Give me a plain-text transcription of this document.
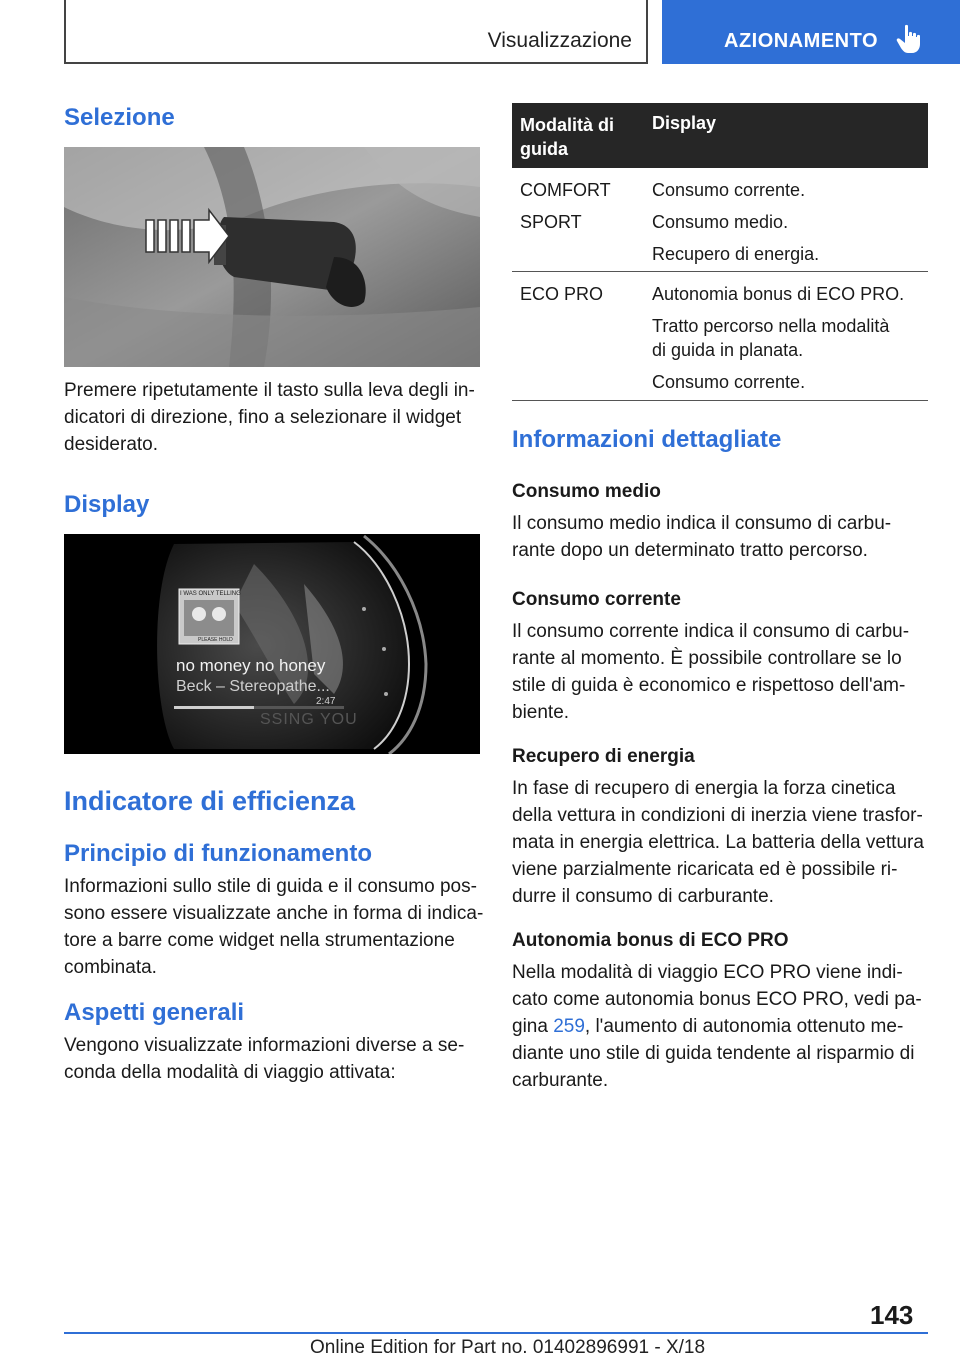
Visualizzazione	AZIONAMENTO
Selezione

Premere ripetutamente il tasto sulla leva degli in-
dicatori di direzione, fino a selezionare il widget
desiderato.

Display
I WAS ONLY TELLING
PLEASE HOLD
no money no honey
Beck – Stereopathe...
2:47
SSING YOU
Indicatore di efficienza
Principio di funzionamento

Informazioni sullo stile di guida e il consumo pos-
sono essere visualizzate anche in forma di indica-
tore a barre come widget nella strumentazione
combinata.

Aspetti generali

Vengono visualizzate informazioni diverse a se-
conda della modalità di viaggio attivata:

Modalità di guida
Display
COMFORT
SPORT
Consumo corrente.
Consumo medio.
Recupero di energia.
ECO PRO	Autonomia bonus di ECO PRO.
Tratto percorso nella modalità di guida in planata.
Consumo corrente.
Informazioni dettagliate
Consumo medio

Il consumo medio indica il consumo di carbu-
rante dopo un determinato tratto percorso.

Consumo corrente

Il consumo corrente indica il consumo di carbu-
rante al momento. È possibile controllare se lo
stile di guida è economico e rispettoso dell'am-
biente.

Recupero di energia

In fase di recupero di energia la forza cinetica
della vettura in condizioni di inerzia viene trasfor-
mata in energia elettrica. La batteria della vettura
viene parzialmente ricaricata ed è possibile ri-
durre il consumo di carburante.

Autonomia bonus di ECO PRO

Nella modalità di viaggio ECO PRO viene indi-
cato come autonomia bonus ECO PRO, vedi pa-
gina 259, l'aumento di autonomia ottenuto me-
diante uno stile di guida tendente al risparmio di
carburante.

143
Online Edition for Part no. 01402896991 - X/18
